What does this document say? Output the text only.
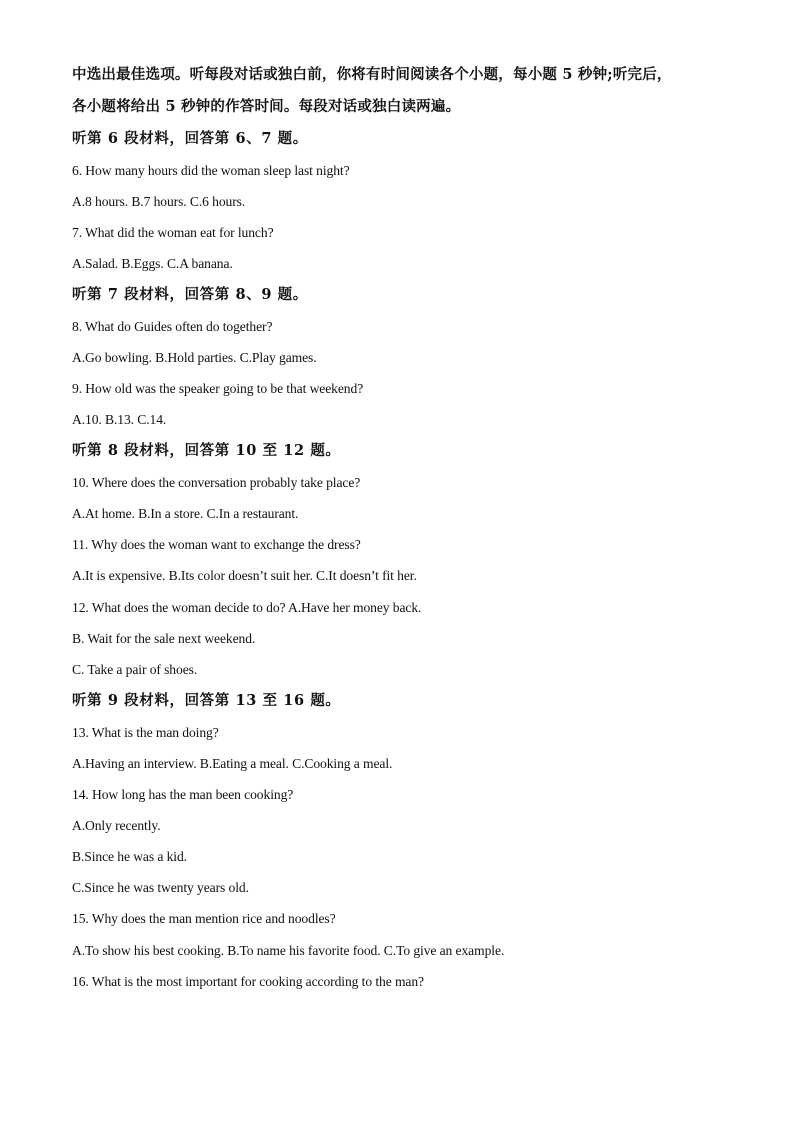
中选出最佳选项。听每段对话或独白前，你将有时间阅读各个小题，每小题 5 秒钟;听完后，
各小题将给出 5 秒钟的作答时间。每段对话或独白读两遍。
听第 6 段材料，回答第 6、7 题。
6. How many hours did the woman sleep last night?
A.8 hours. B.7 hours. C.6 hours.
7. What did the woman eat for lunch?
A.Salad. B.Eggs. C.A banana.
听第 7 段材料，回答第 8、9 题。
8. What do Guides often do together?
A.Go bowling. B.Hold parties. C.Play games.
9. How old was the speaker going to be that weekend?
A.10. B.13. C.14.
听第 8 段材料，回答第 10 至 12 题。
10. Where does the conversation probably take place?
A.At home. B.In a store. C.In a restaurant.
11. Why does the woman want to exchange the dress?
A.It is expensive. B.Its color doesn’t suit her. C.It doesn’t fit her.
12. What does the woman decide to do? A.Have her money back.
B. Wait for the sale next weekend.
C. Take a pair of shoes.
听第 9 段材料，回答第 13 至 16 题。
13. What is the man doing?
A.Having an interview. B.Eating a meal. C.Cooking a meal.
14. How long has the man been cooking?
A.Only recently.
B.Since he was a kid.
C.Since he was twenty years old.
15. Why does the man mention rice and noodles?
A.To show his best cooking. B.To name his favorite food. C.To give an example.
16. What is the most important for cooking according to the man?
